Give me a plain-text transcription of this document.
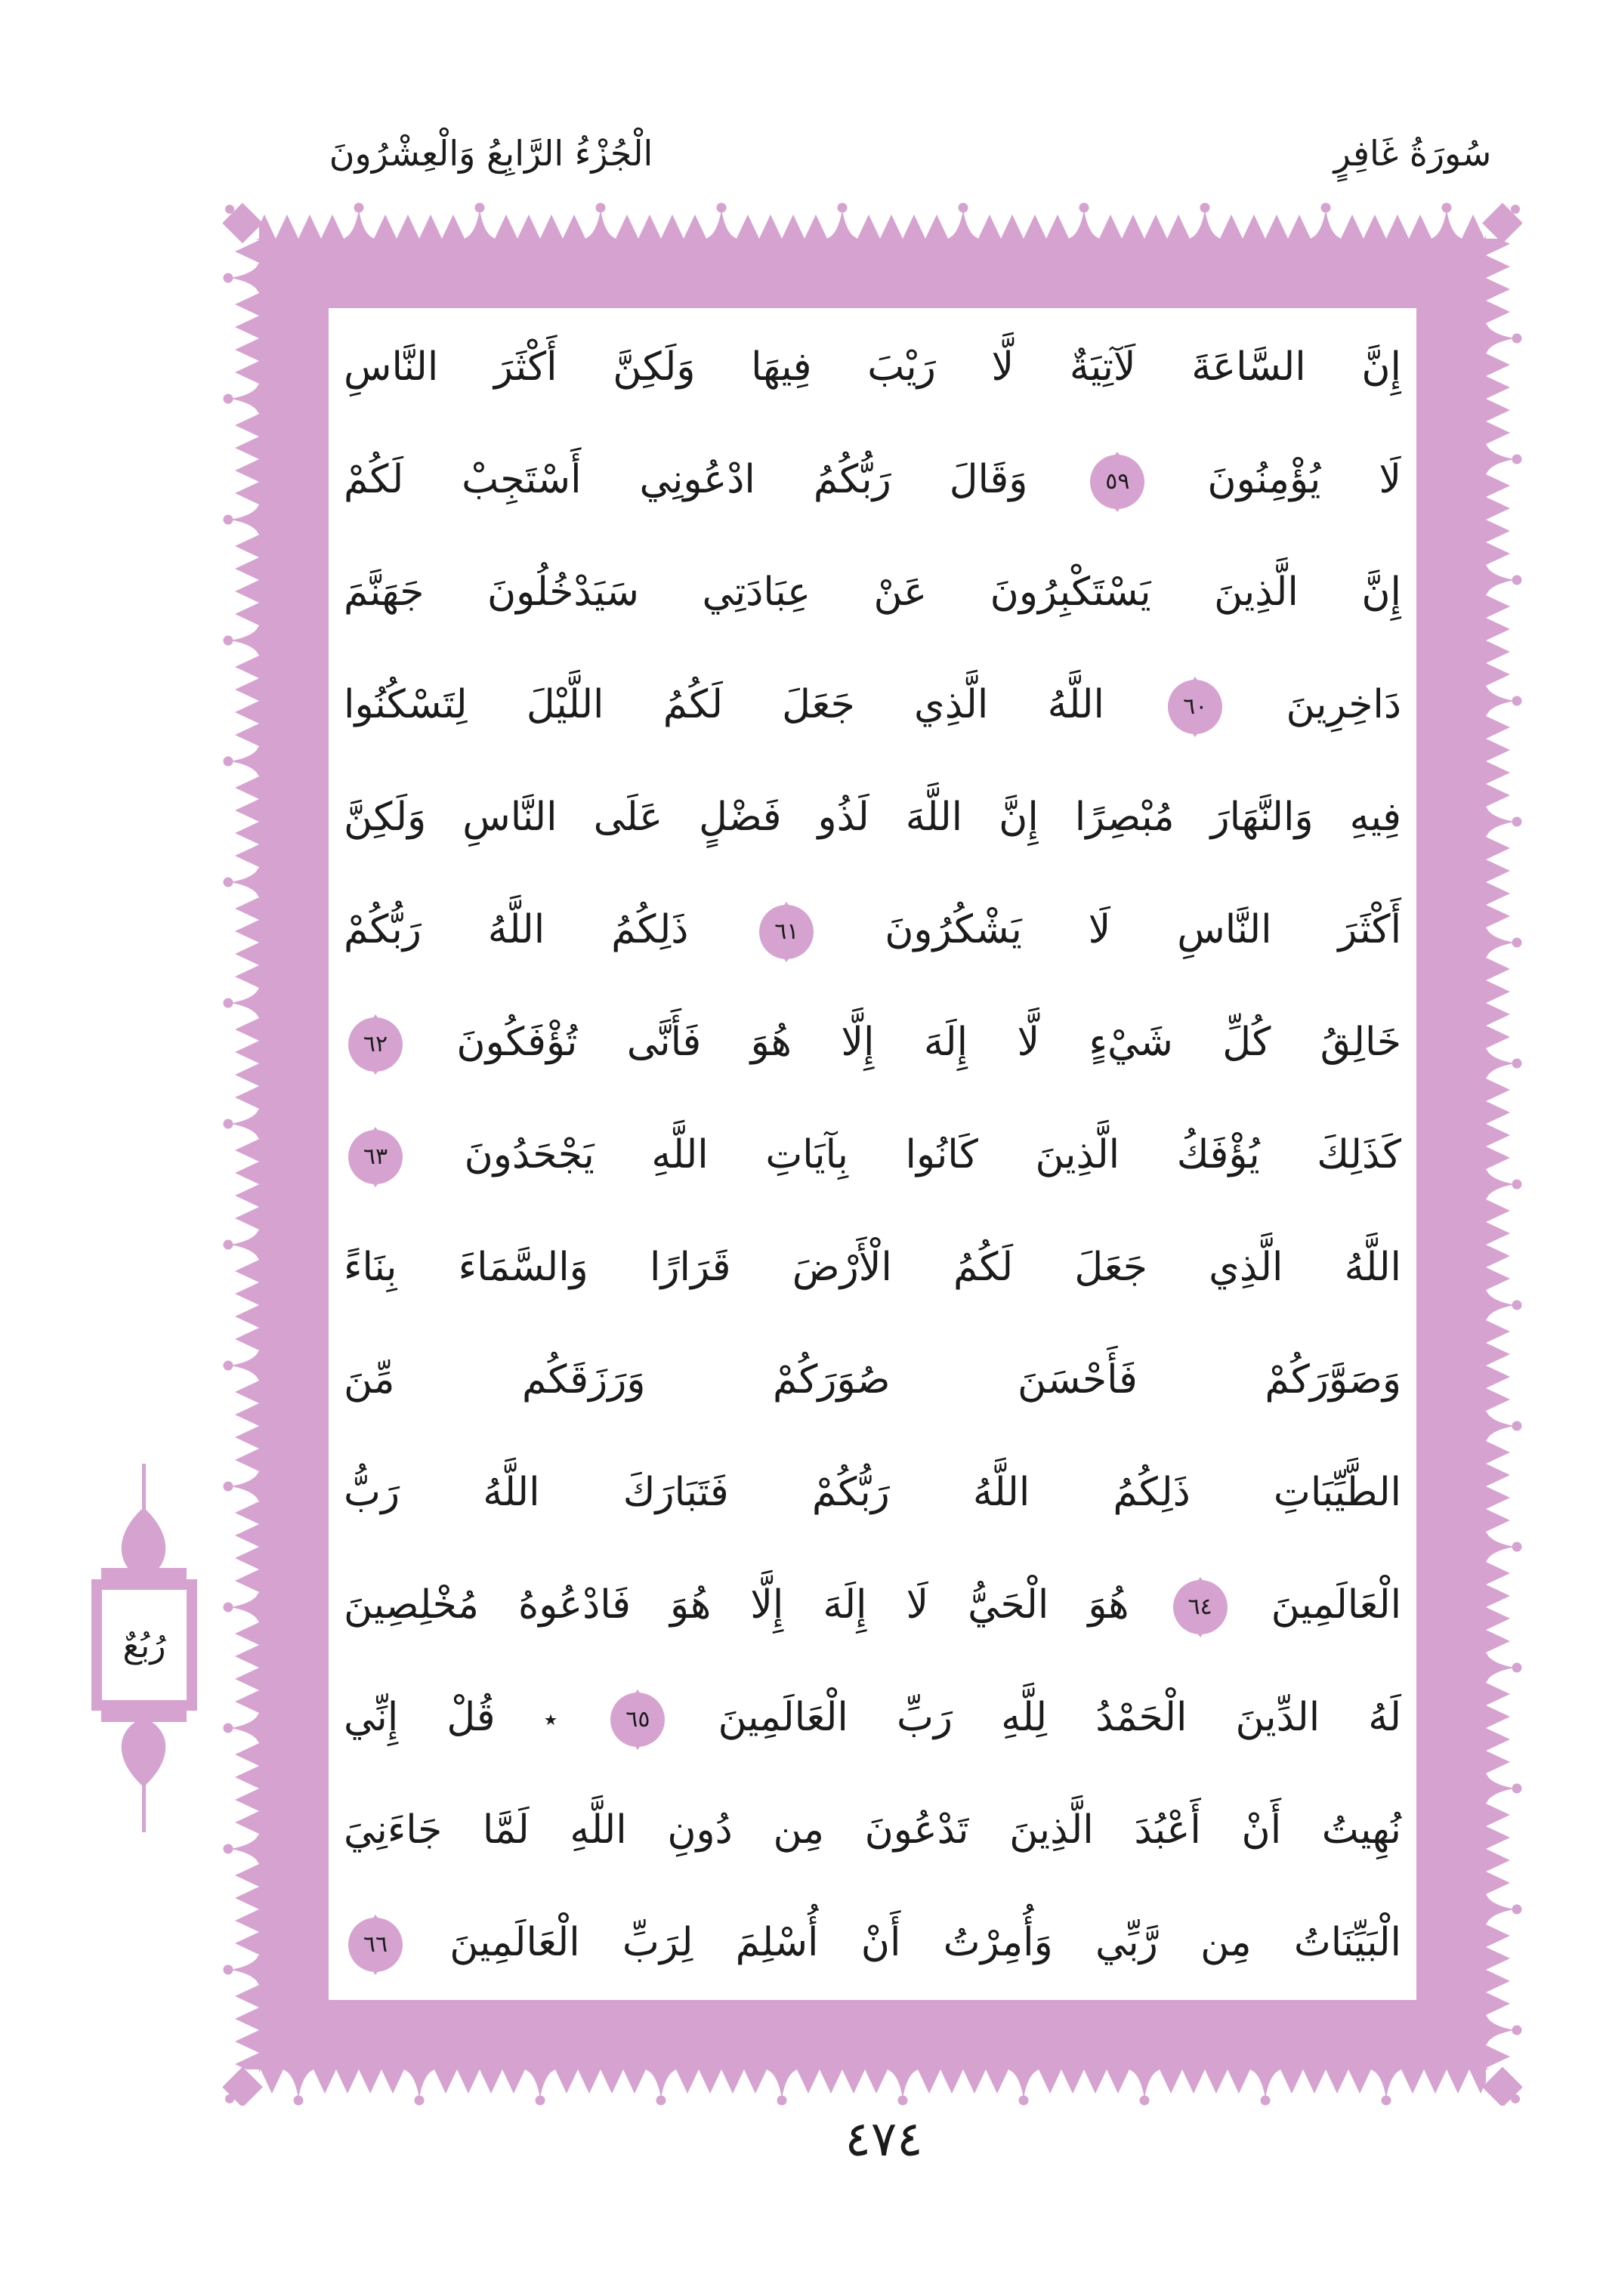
الْجُزْءُ الرَّابِعُ وَالْعِشْرُونَ	سُورَةُ غَافِرٍ
إِنَّ السَّاعَةَ لَآتِيَةٌ لَّا رَيْبَ فِيهَا وَلَكِنَّ أَكْثَرَ النَّاسِ
لَا يُؤْمِنُونَ
٥٩
وَقَالَ رَبُّكُمُ ادْعُونِي أَسْتَجِبْ لَكُمْ
إِنَّ الَّذِينَ يَسْتَكْبِرُونَ عَنْ عِبَادَتِي سَيَدْخُلُونَ جَهَنَّمَ
دَاخِرِينَ
٦٠
اللَّهُ الَّذِي جَعَلَ لَكُمُ اللَّيْلَ لِتَسْكُنُوا
فِيهِ وَالنَّهَارَ مُبْصِرًا إِنَّ اللَّهَ لَذُو فَضْلٍ عَلَى النَّاسِ وَلَكِنَّ
أَكْثَرَ النَّاسِ لَا يَشْكُرُونَ
٦١
ذَلِكُمُ اللَّهُ رَبُّكُمْ
خَالِقُ كُلِّ شَيْءٍ لَّا إِلَهَ إِلَّا هُوَ فَأَنَّى تُؤْفَكُونَ
٦٢
كَذَلِكَ يُؤْفَكُ الَّذِينَ كَانُوا بِآيَاتِ اللَّهِ يَجْحَدُونَ
٦٣
اللَّهُ الَّذِي جَعَلَ لَكُمُ الْأَرْضَ قَرَارًا وَالسَّمَاءَ بِنَاءً
وَصَوَّرَكُمْ فَأَحْسَنَ صُوَرَكُمْ وَرَزَقَكُم مِّنَ
الطَّيِّبَاتِ ذَلِكُمُ اللَّهُ رَبُّكُمْ فَتَبَارَكَ اللَّهُ رَبُّ
الْعَالَمِينَ
٦٤
هُوَ الْحَيُّ لَا إِلَهَ إِلَّا هُوَ فَادْعُوهُ مُخْلِصِينَ
لَهُ الدِّينَ الْحَمْدُ لِلَّهِ رَبِّ الْعَالَمِينَ
٦٥
٭ قُلْ إِنِّي
نُهِيتُ أَنْ أَعْبُدَ الَّذِينَ تَدْعُونَ مِن دُونِ اللَّهِ لَمَّا جَاءَنِيَ
الْبَيِّنَاتُ مِن رَّبِّي وَأُمِرْتُ أَنْ أُسْلِمَ لِرَبِّ الْعَالَمِينَ
٦٦
رُبُعٌ
٤٧٤
